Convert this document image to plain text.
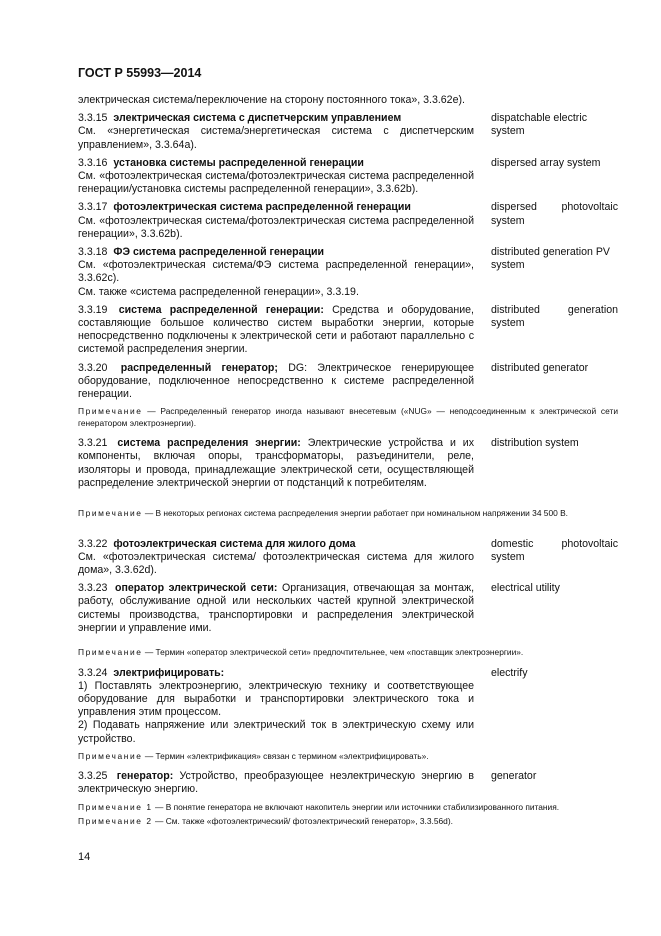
ГОСТ Р 55993—2014
электрическая система/переключение на сторону постоянного тока», 3.3.62е).
3.3.15 электрическая система с диспетчерским управлением
См. «энергетическая система/энергетическая система с диспетчерским управлением», 3.3.64а).
dispatchable electric system
3.3.16 установка системы распределенной генерации
См. «фотоэлектрическая система/фотоэлектрическая система распределенной генерации/установка системы распределенной генерации», 3.3.62b).
dispersed array system
3.3.17 фотоэлектрическая система распределенной генерации
См. «фотоэлектрическая система/фотоэлектрическая система распределенной генерации», 3.3.62b).
dispersed photovoltaic
system
3.3.18 ФЭ система распределенной генерации
См. «фотоэлектрическая система/ФЭ система распределенной генерации», 3.3.62c).
См. также «система распределенной генерации», 3.3.19.
distributed generation PV system
3.3.19 система распределенной генерации: Средства и оборудование, составляющие большое количество систем выработки энергии, которые непосредственно подключены к электрической сети и работают параллельно с системой распределения энергии.
distributed generation
system
3.3.20 распределенный генератор; DG: Электрическое генерирующее оборудование, подключенное непосредственно к системе распределенной генерации.
distributed generator
Примечание — Распределенный генератор иногда называют внесетевым («NUG» — неподсоединенным к электрической сети генератором электроэнергии).
3.3.21 система распределения энергии: Электрические устройства и их компоненты, включая опоры, трансформаторы, разъединители, реле, изоляторы и провода, принадлежащие электрической сети, осуществляющей распределение электрической энергии от подстанций к потребителям.
distribution system
Примечание — В некоторых регионах система распределения энергии работает при номинальном напряжении 34 500 В.
3.3.22 фотоэлектрическая система для жилого дома
См. «фотоэлектрическая система/ фотоэлектрическая система для жилого дома», 3.3.62d).
domestic photovoltaic
system
3.3.23 оператор электрической сети: Организация, отвечающая за монтаж, работу, обслуживание одной или нескольких частей крупной электрической системы производства, транспортировки и распределения электрической энергии и управление ими.
electrical utility
Примечание — Термин «оператор электрической сети» предпочтительнее, чем «поставщик электроэнергии».
3.3.24 электрифицировать:	electrify
1) Поставлять электроэнергию, электрическую технику и соответствующее оборудование для выработки и транспортировки электрического тока и управления этим процессом.
2) Подавать напряжение или электрический ток в электрическую схему или устройство.
Примечание — Термин «электрификация» связан с термином «электрифицировать».
3.3.25 генератор: Устройство, преобразующее неэлектрическую энергию в электрическую энергию.
generator
Примечание 1 — В понятие генератора не включают накопитель энергии или источники стабилизированного питания.
Примечание 2 — См. также «фотоэлектрический/ фотоэлектрический генератор», 3.3.56d).
14
